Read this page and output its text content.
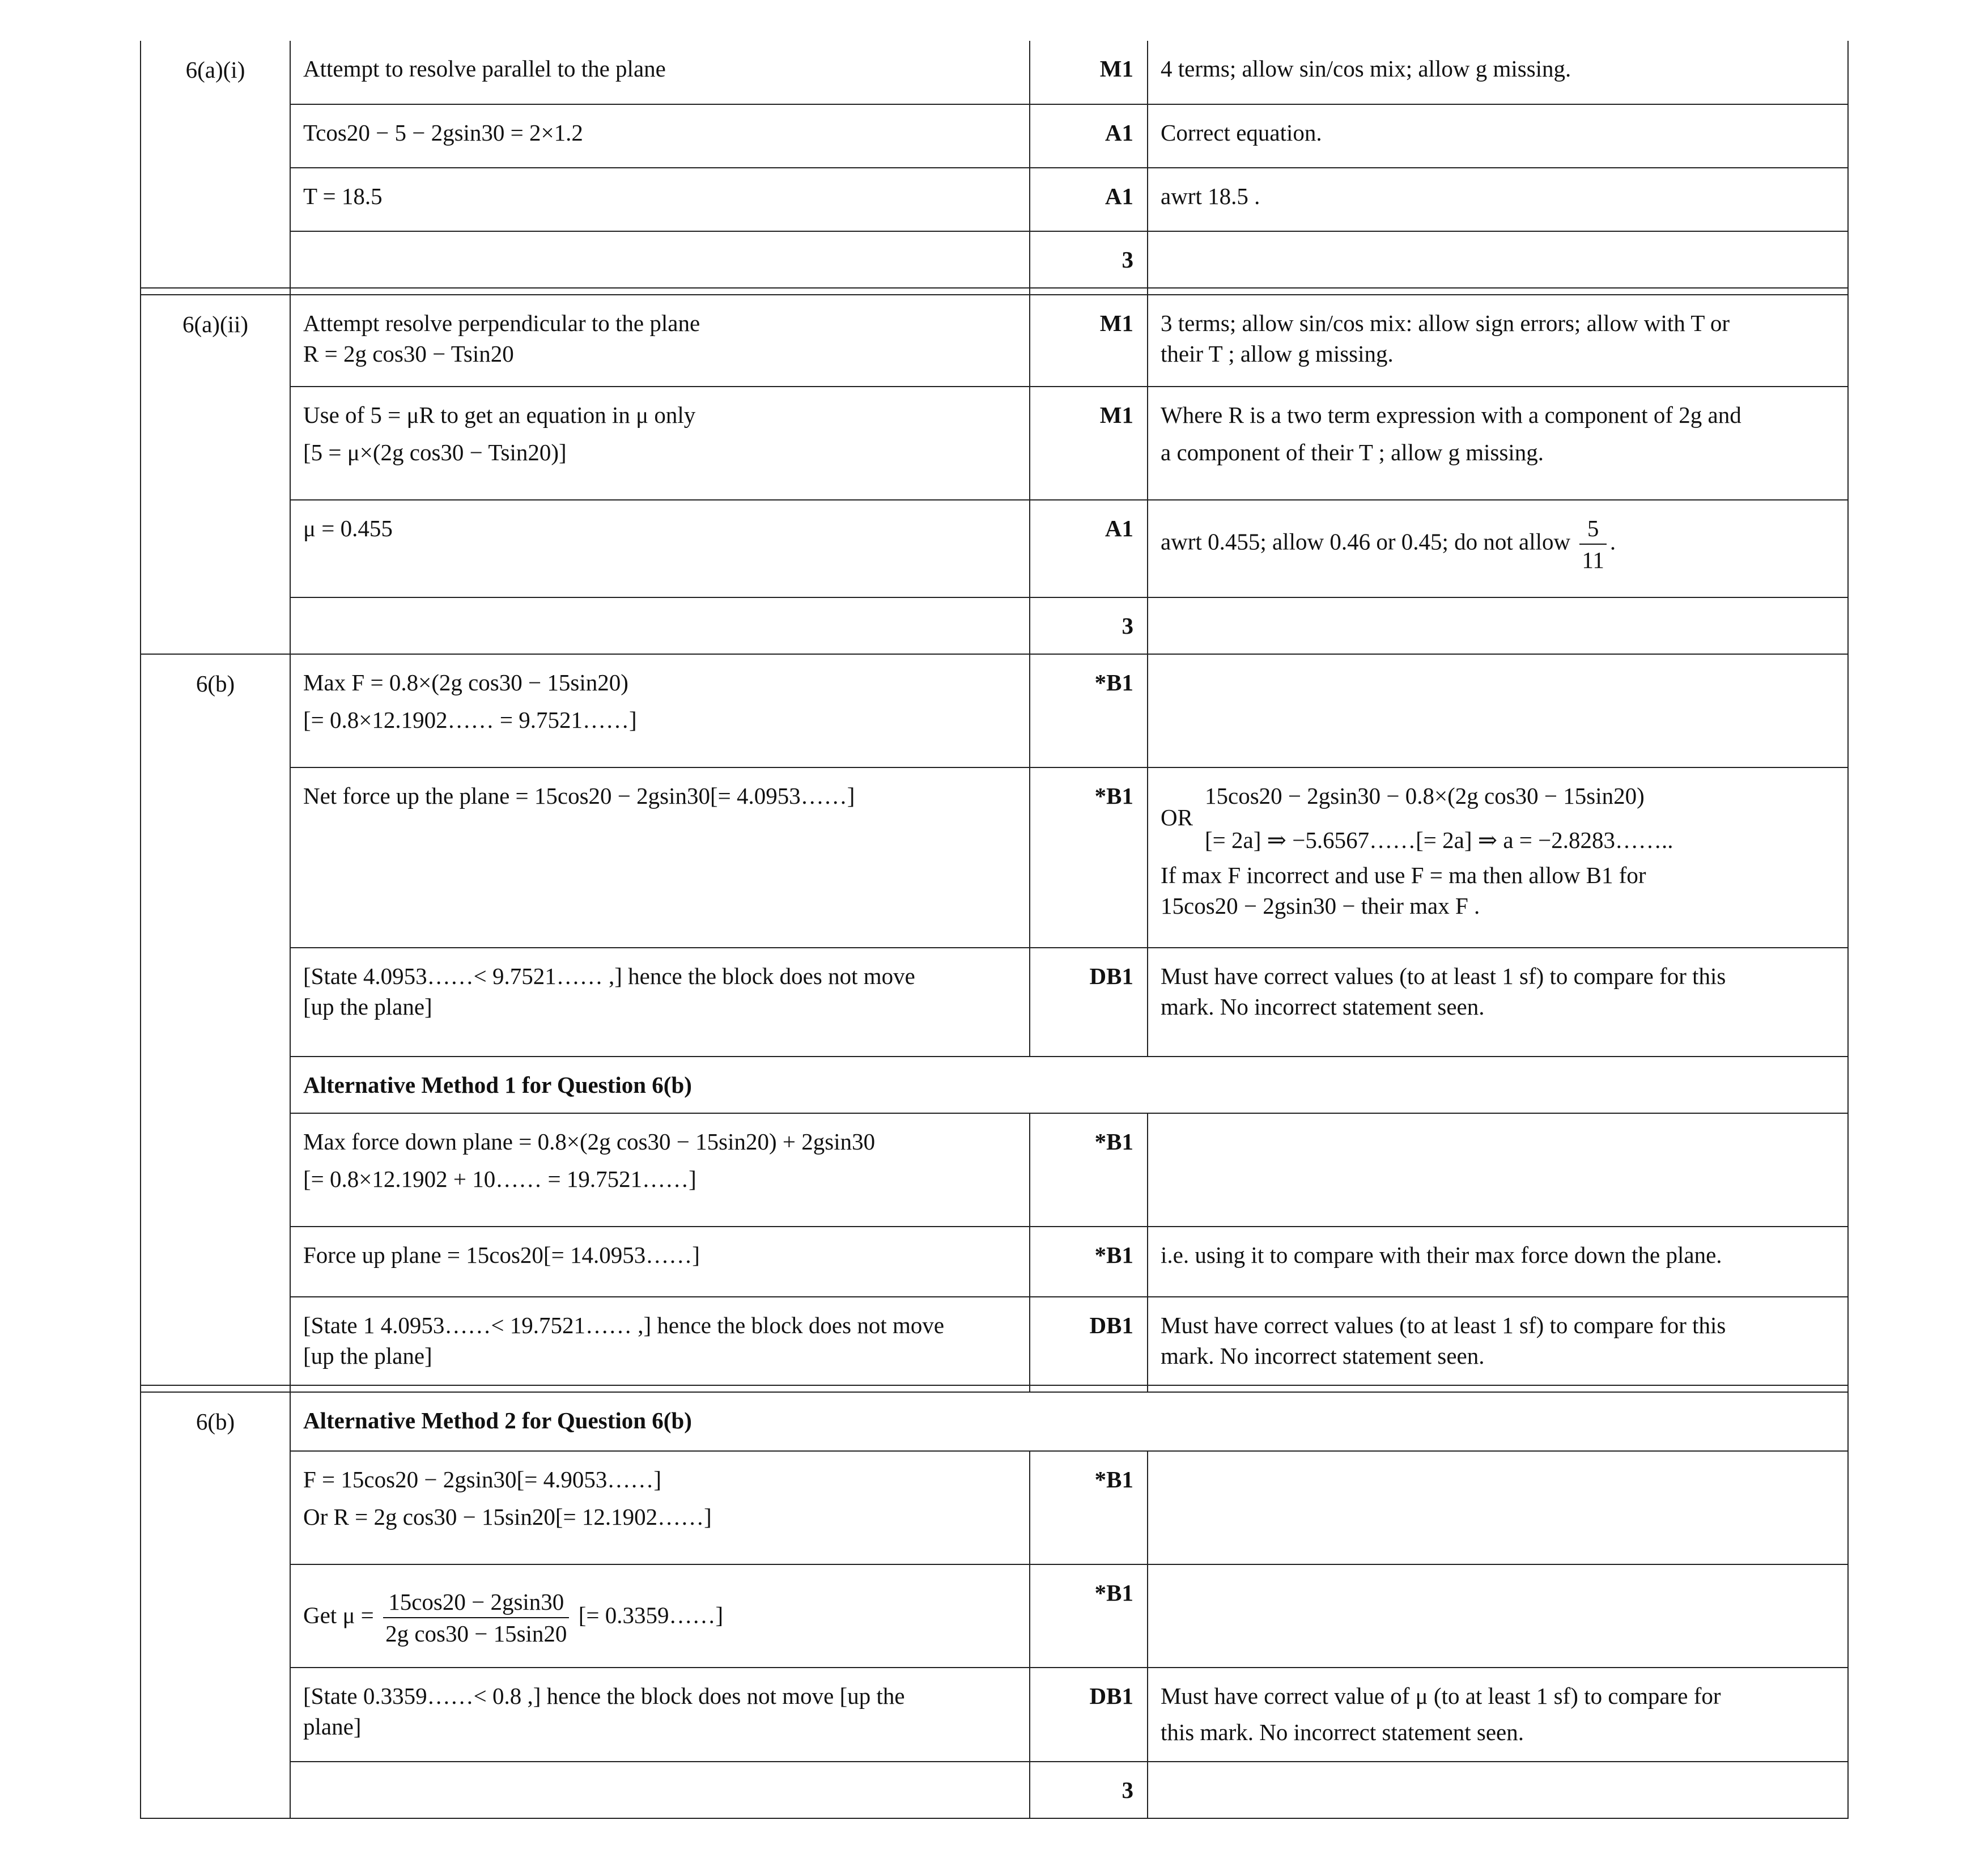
6(a)(i)	Attempt to resolve parallel to the plane	M1	4 terms; allow sin/cos mix; allow g missing.
	Tcos20 − 5 − 2gsin30 = 2×1.2	A1	Correct equation.
	T = 18.5	A1	awrt 18.5 .
		3	

6(a)(ii)	Attempt resolve perpendicular to the plane
R = 2g cos30 − Tsin20	M1	3 terms; allow sin/cos mix: allow sign errors; allow with T or
their T ; allow g missing.

	Use of 5 = μR to get an equation in μ only
[5 = μ×(2g cos30 − Tsin20)]	M1	Where R is a two term expression with a component of 2g and
a component of their T ; allow g missing.

	μ = 0.455	A1	awrt 0.455; allow 0.46 or 0.45; do not allow $\frac{5}{11}$ .
		3	
6(b)	Max F = 0.8×(2g cos30 − 15sin20)
[= 0.8×12.1902…… = 9.7521……]	*B1	
	Net force up the plane = 15cos20 − 2gsin30[= 4.0953……]	*B1	15cos20 − 2gsin30 − 0.8×(2g cos30 − 15sin20)
OR
[= 2a] ⇒ −5.6567……[= 2a] ⇒ a = −2.8283……..
If max F incorrect and use F = ma then allow B1 for
15cos20 − 2gsin30 − their max F .

	[State 4.0953……< 9.7521…… ,] hence the block does not move
[up the plane]	DB1	Must have correct values (to at least 1 sf) to compare for this
mark. No incorrect statement seen.

	Alternative Method 1 for Question 6(b)		

	Max force down plane = 0.8×(2g cos30 − 15sin20) + 2gsin30
[= 0.8×12.1902 + 10…… = 19.7521……]	*B1	
	Force up plane = 15cos20[= 14.0953……]	*B1	i.e. using it to compare with their max force down the plane.

	[State 1 4.0953……< 19.7521…… ,] hence the block does not move
[up the plane]	DB1	Must have correct values (to at least 1 sf) to compare for this
mark. No incorrect statement seen.

6(b)	Alternative Method 2 for Question 6(b)		

	F = 15cos20 − 2gsin30[= 4.9053……]
Or R = 2g cos30 − 15sin20[= 12.1902……]	*B1	
	Get $\mu = \frac{15\cos 20 - 2gsin30}{\text{2g cos30 − 15sin20}}$ [= 0.3359……]	*B1	

	[State 0.3359……< 0.8 ,] hence the block does not move [up the
plane]	DB1	Must have correct value of μ (to at least 1 sf) to compare for
this mark. No incorrect statement seen.

		3	
